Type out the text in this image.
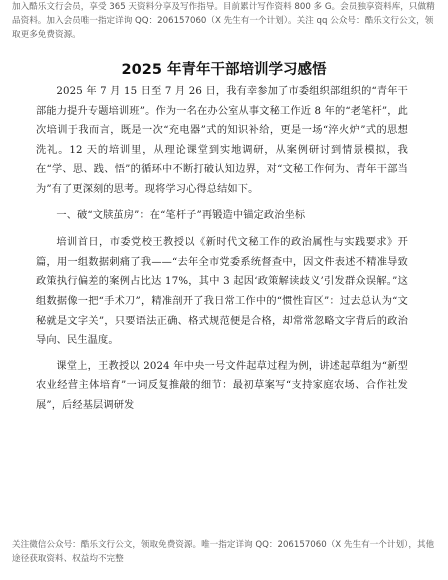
加入酷乐文行会员，享受 365 天资料分享及写作指导。目前累计写作资料 800 多 G。会员独享资料库，只做精品资料。加入会员唯一指定详询 QQ：206157060（X 先生有一个计划）。关注 qq 公众号：酷乐文行公文，领取更多免费资源。
2025 年青年干部培训学习感悟

2025 年 7 月 15 日至 7 月 26 日，我有幸参加了市委组织部组织的“青年干部能力提升专题培训班”。作为一名在办公室从事文秘工作近 8 年的“老笔杆”，此次培训于我而言，既是一次“充电器”式的知识补给，更是一场“淬火炉”式的思想洗礼。12 天的培训里，从理论课堂到实地调研，从案例研讨到情景模拟，我在“学、思、践、悟”的循环中不断打破认知边界，对“文秘工作何为、青年干部当为”有了更深刻的思考。现将学习心得总结如下。

一、破“文牍茧房”：在“笔杆子”再锻造中锚定政治坐标

培训首日，市委党校王教授以《新时代文秘工作的政治属性与实践要求》开篇，用一组数据刺痛了我——“去年全市党委系统督查中，因文件表述不精准导致政策执行偏差的案例占比达 17%，其中 3 起因‘政策解读歧义’引发群众误解。”这组数据像一把“手术刀”，精准剖开了我日常工作中的“惯性盲区”：过去总认为“文秘就是文字关”，只要语法正确、格式规范便是合格，却常常忽略文字背后的政治导向、民生温度。

课堂上，王教授以 2024 年中央一号文件起草过程为例，讲述起草组为“新型农业经营主体培育”一词反复推敲的细节：最初草案写“支持家庭农场、合作社发展”，后经基层调研发

关注微信公众号：酷乐文行公文，领取免费资源。唯一指定详询 QQ：206157060（X 先生有一个计划），其他途径获取资料、权益均不完整
